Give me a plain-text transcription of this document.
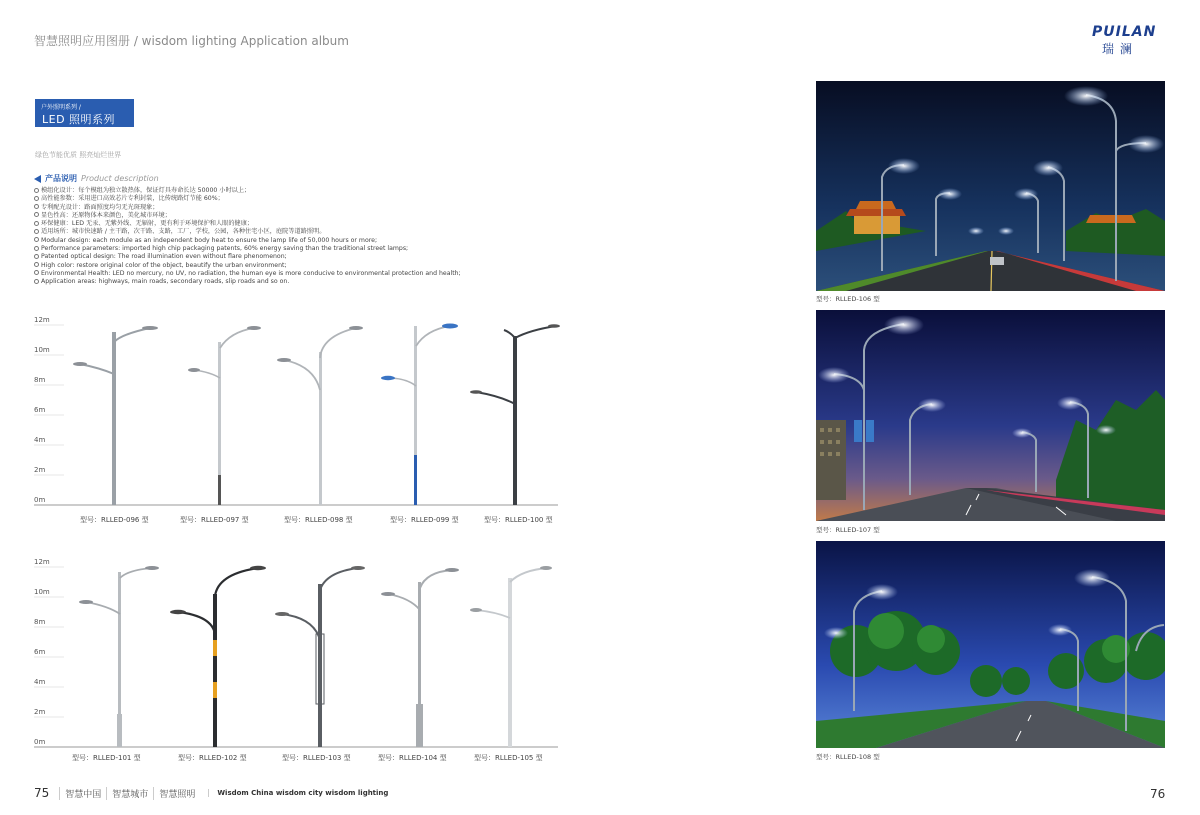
智慧照明应用图册 / wisdom lighting Application album
PUILAN
瑞澜
户外照明系列 /
LED 照明系列
绿色节能优质 照亮灿烂世界
产品说明 Product description
模组化设计：每个模组为独立散热体，保证灯具寿命长达 50000 小时以上；
高性能参数：采用进口高效芯片专利封装，比传统路灯节能 60%；
专利配光设计：路面照度均匀无光斑现象；
显色性高：还原物体本来颜色，美化城市环境；
环保健康：LED 无汞、无紫外线、无辐射，更有利于环境保护和人眼的健康；
适用场所：城市快速路 / 主干路，次干路、支路，工厂，学校，公园，各种住宅小区，庭院等道路照明。
Modular design: each module as an independent body heat to ensure the lamp life of 50,000 hours or more;
Performance parameters: imported high chip packaging patents, 60% energy saving than the traditional street lamps;
Patented optical design: The road illumination even without flare phenomenon;
High color: restore original color of the object, beautify the urban environment;
Environmental Health: LED no mercury, no UV, no radiation, the human eye is more conducive to environmental protection and health;
Application areas: highways, main roads, secondary roads, slip roads and so on.
12m
10m
8m
6m
4m
2m
0m
型号：RLLED-096 型	型号：RLLED-097 型	型号：RLLED-098 型	型号：RLLED-099 型	型号：RLLED-100 型
12m
10m
8m
6m
4m
2m
0m
型号：RLLED-101 型	型号：RLLED-102 型	型号：RLLED-103 型	型号：RLLED-104 型	型号：RLLED-105 型
型号：RLLED-106 型
型号：RLLED-107 型
型号：RLLED-108 型
75	智慧中国	智慧城市	智慧照明	Wisdom China wisdom city wisdom lighting	76
